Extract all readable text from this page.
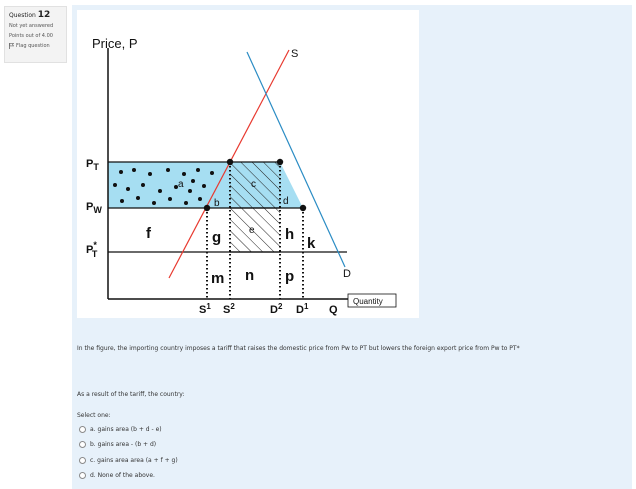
Question 12
Not yet answered
Points out of 4.00
Flag question	Price, P
$P_T$
$P_W$
P* T
S
D
a
b
c
d
e
f	g	h
k
m n p
$S^1$ $S^2$	$D^2$ $D^1$ Q
Quantity
In the figure, the importing country imposes a tariff that raises the domestic price from Pw to PT but lowers the foreign export price from Pw to PT*
As a result of the tariff, the country:
Select one:
a.
gains area (b + d - e)
b.
gains area - (b + d)
c.
gains area area (a + f + g)
d.
None of the above.
